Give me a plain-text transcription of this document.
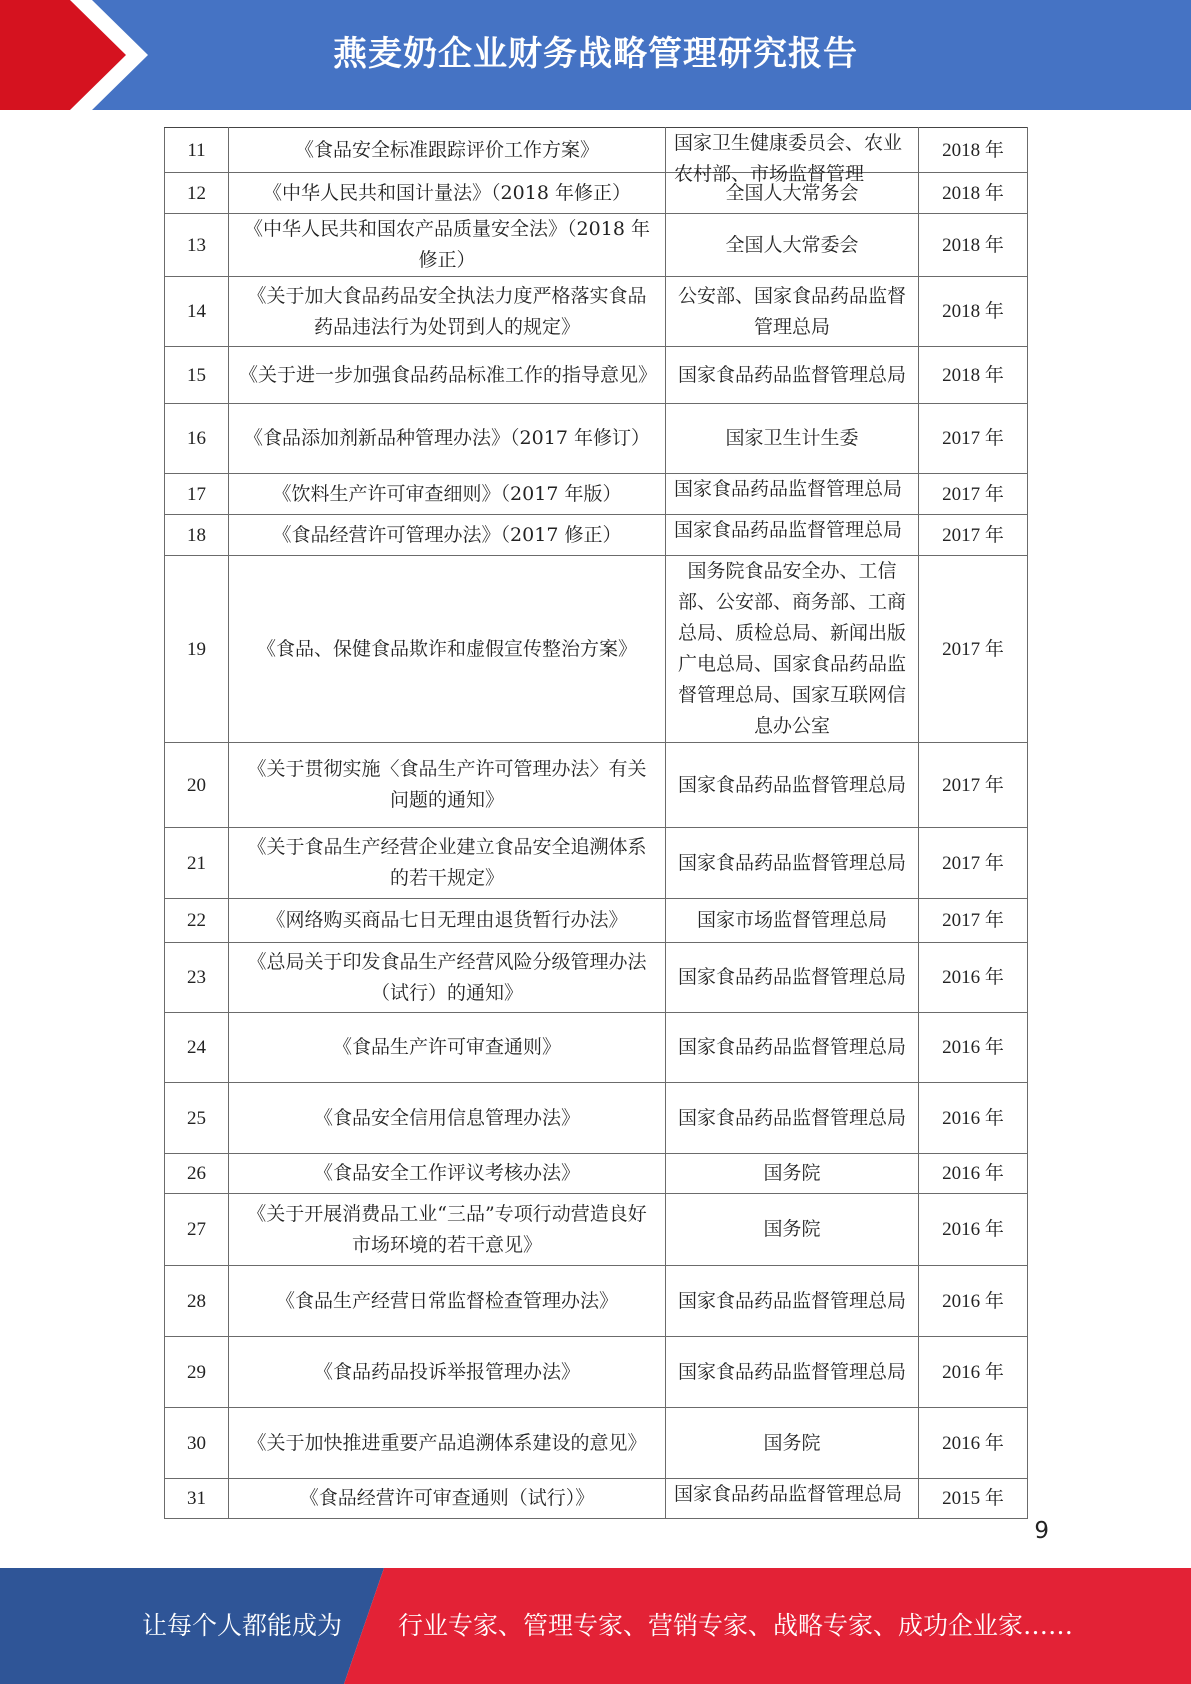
燕麦奶企业财务战略管理研究报告
11	《食品安全标准跟踪评价工作方案》	国家卫生健康委员会、农业农村部、市场监督管理	2018 年
12	《中华人民共和国计量法》（2018 年修正）	全国人大常务会	2018 年
13	《中华人民共和国农产品质量安全法》（2018 年修正）	全国人大常委会	2018 年
14	《关于加大食品药品安全执法力度严格落实食品药品违法行为处罚到人的规定》	公安部、国家食品药品监督管理总局	2018 年
15	《关于进一步加强食品药品标准工作的指导意见》	国家食品药品监督管理总局	2018 年
16	《食品添加剂新品种管理办法》（2017 年修订）	国家卫生计生委	2017 年
17	《饮料生产许可审查细则》（2017 年版）	国家食品药品监督管理总局	2017 年
18	《食品经营许可管理办法》（2017 修正）	国家食品药品监督管理总局	2017 年
19	《食品、保健食品欺诈和虚假宣传整治方案》	国务院食品安全办、工信部、公安部、商务部、工商总局、质检总局、新闻出版广电总局、国家食品药品监督管理总局、国家互联网信息办公室	2017 年
20	《关于贯彻实施〈食品生产许可管理办法〉有关问题的通知》	国家食品药品监督管理总局	2017 年
21	《关于食品生产经营企业建立食品安全追溯体系的若干规定》	国家食品药品监督管理总局	2017 年
22	《网络购买商品七日无理由退货暂行办法》	国家市场监督管理总局	2017 年
23	《总局关于印发食品生产经营风险分级管理办法（试行）的通知》	国家食品药品监督管理总局	2016 年
24	《食品生产许可审查通则》	国家食品药品监督管理总局	2016 年
25	《食品安全信用信息管理办法》	国家食品药品监督管理总局	2016 年
26	《食品安全工作评议考核办法》	国务院	2016 年
27	《关于开展消费品工业“三品”专项行动营造良好市场环境的若干意见》	国务院	2016 年
28	《食品生产经营日常监督检查管理办法》	国家食品药品监督管理总局	2016 年
29	《食品药品投诉举报管理办法》	国家食品药品监督管理总局	2016 年
30	《关于加快推进重要产品追溯体系建设的意见》	国务院	2016 年
31	《食品经营许可审查通则（试行）》	国家食品药品监督管理总局	2015 年
9
让每个人都能成为 行业专家、管理专家、营销专家、战略专家、成功企业家……
